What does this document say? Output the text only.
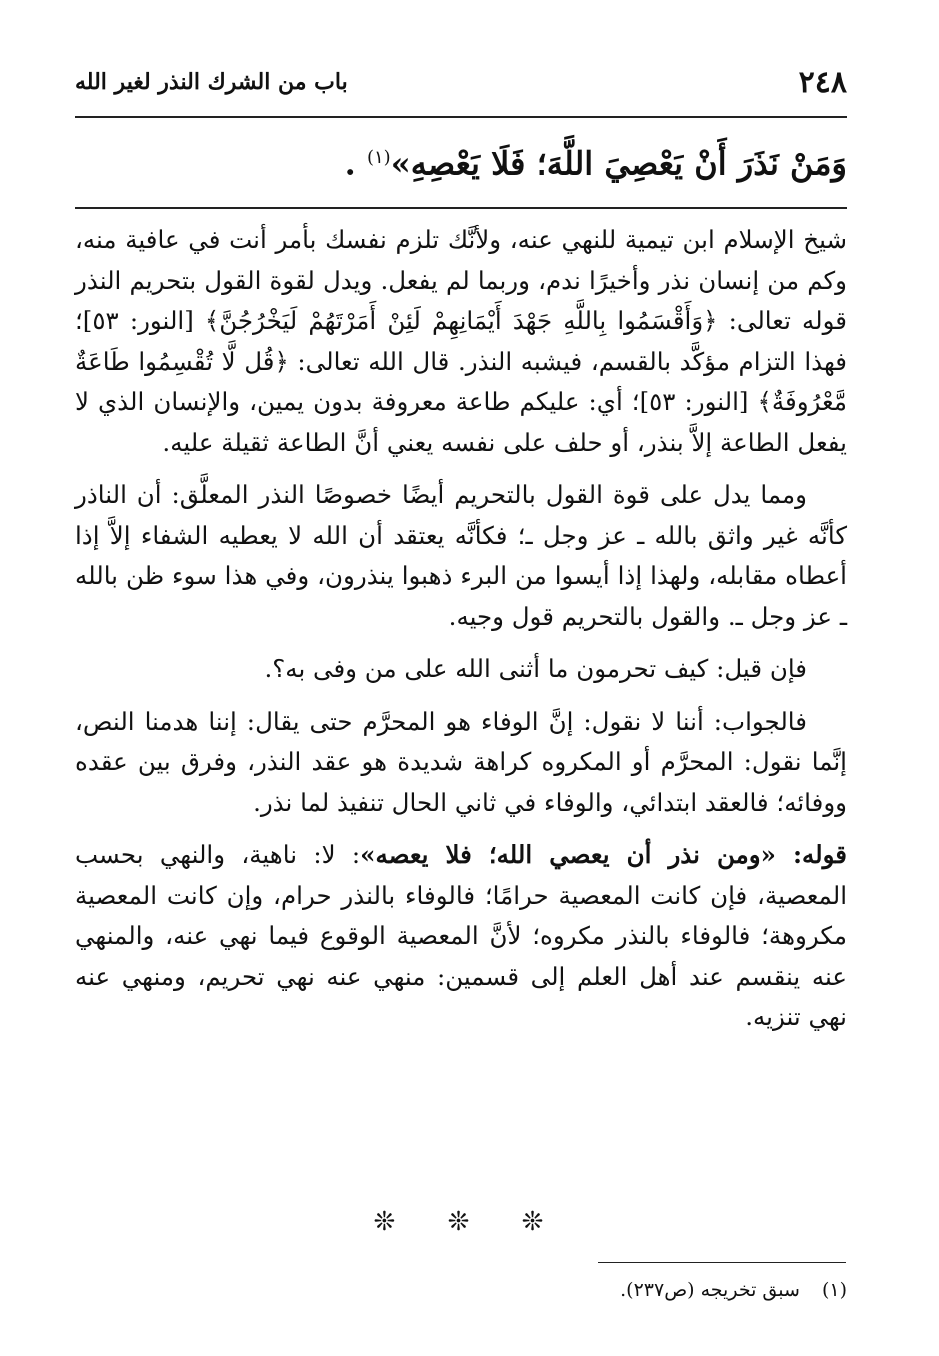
٢٤٨
باب من الشرك النذر لغير الله
وَمَنْ نَذَرَ أَنْ يَعْصِيَ اللَّهَ؛ فَلَا يَعْصِهِ»$^{(١)}$ .

شيخ الإسلام ابن تيمية للنهي عنه، ولأنَّك تلزم نفسك بأمر أنت في عافية منه، وكم من إنسان نذر وأخيرًا ندم، وربما لم يفعل. ويدل لقوة القول بتحريم النذر قوله تعالى: ﴿وَأَقْسَمُوا بِاللَّهِ جَهْدَ أَيْمَانِهِمْ لَئِنْ أَمَرْتَهُمْ لَيَخْرُجُنَّ﴾ [النور: ٥٣]؛ فهذا التزام مؤكَّد بالقسم، فيشبه النذر. قال الله تعالى: ﴿قُل لَّا تُقْسِمُوا طَاعَةٌ مَّعْرُوفَةٌ﴾ [النور: ٥٣]؛ أي: عليكم طاعة معروفة بدون يمين، والإنسان الذي لا يفعل الطاعة إلاَّ بنذر، أو حلف على نفسه يعني أنَّ الطاعة ثقيلة عليه.

ومما يدل على قوة القول بالتحريم أيضًا خصوصًا النذر المعلَّق: أن الناذر كأنَّه غير واثق بالله ـ عز وجل ـ؛ فكأنَّه يعتقد أن الله لا يعطيه الشفاء إلاَّ إذا أعطاه مقابله، ولهذا إذا أيسوا من البرء ذهبوا ينذرون، وفي هذا سوء ظن بالله ـ عز وجل ـ. والقول بالتحريم قول وجيه.

فإن قيل: كيف تحرمون ما أثنى الله على من وفى به؟.

فالجواب: أننا لا نقول: إنَّ الوفاء هو المحرَّم حتى يقال: إننا هدمنا النص، إنَّما نقول: المحرَّم أو المكروه كراهة شديدة هو عقد النذر، وفرق بين عقده ووفائه؛ فالعقد ابتدائي، والوفاء في ثاني الحال تنفيذ لما نذر.

قوله: «ومن نذر أن يعصي الله؛ فلا يعصه»: لا: ناهية، والنهي بحسب المعصية، فإن كانت المعصية حرامًا؛ فالوفاء بالنذر حرام، وإن كانت المعصية مكروهة؛ فالوفاء بالنذر مكروه؛ لأنَّ المعصية الوقوع فيما نهي عنه، والمنهي عنه ينقسم عند أهل العلم إلى قسمين: منهي عنه نهي تحريم، ومنهي عنه نهي تنزيه.

❊ ❊ ❊
(١)سبق تخريجه (ص٢٣٧).
